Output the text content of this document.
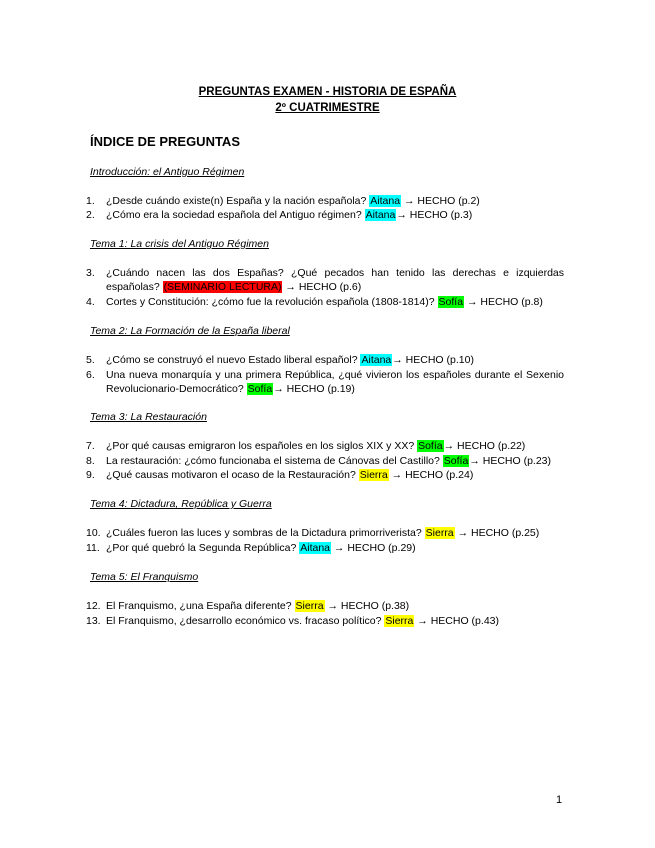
PREGUNTAS EXAMEN - HISTORIA DE ESPAÑA
2º CUATRIMESTRE
ÍNDICE DE PREGUNTAS
Introducción: el Antiguo Régimen
1. ¿Desde cuándo existe(n) España y la nación española? Aitana → HECHO (p.2)
2. ¿Cómo era la sociedad española del Antiguo régimen? Aitana→ HECHO (p.3)
Tema 1: La crisis del Antiguo Régimen
3. ¿Cuándo nacen las dos Españas? ¿Qué pecados han tenido las derechas e izquierdas españolas? (SEMINARIO LECTURA) → HECHO (p.6)
4. Cortes y Constitución: ¿cómo fue la revolución española (1808-1814)? Sofía → HECHO (p.8)
Tema 2: La Formación de la España liberal
5. ¿Cómo se construyó el nuevo Estado liberal español? Aitana→ HECHO (p.10)
6. Una nueva monarquía y una primera República, ¿qué vivieron los españoles durante el Sexenio Revolucionario-Democrático? Sofía→ HECHO (p.19)
Tema 3: La Restauración
7. ¿Por qué causas emigraron los españoles en los siglos XIX y XX? Sofía→ HECHO (p.22)
8. La restauración: ¿cómo funcionaba el sistema de Cánovas del Castillo? Sofía→ HECHO (p.23)
9. ¿Qué causas motivaron el ocaso de la Restauración? Sierra → HECHO (p.24)
Tema 4: Dictadura, República y Guerra
10. ¿Cuáles fueron las luces y sombras de la Dictadura primorriverista? Sierra → HECHO (p.25)
11. ¿Por qué quebró la Segunda República? Aitana → HECHO (p.29)
Tema 5: El Franquismo
12. El Franquismo, ¿una España diferente? Sierra → HECHO (p.38)
13. El Franquismo, ¿desarrollo económico vs. fracaso político? Sierra → HECHO (p.43)
1
